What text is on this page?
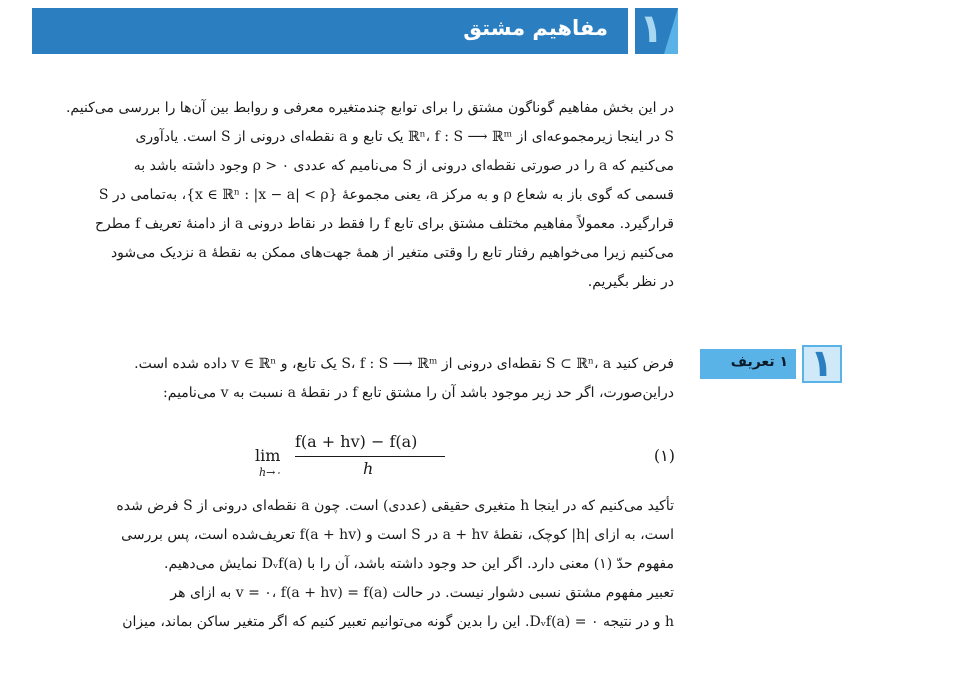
مفاهیم مشتق ۱
در این بخش مفاهیم گوناگون مشتق را برای توابع چندمتغیره معرفی و روابط بین آن‌ها را بررسی می‌کنیم.
S در اینجا زیرمجموعه‌ای از ℝⁿ، f : S ⟶ ℝᵐ یک تابع و a نقطه‌ای درونی از S است. یادآوری
می‌کنیم که a را در صورتی نقطه‌ای درونی از S می‌نامیم که عددی ρ > ۰ وجود داشته باشد به
قسمی که گوی باز به شعاع ρ و به مرکز a، یعنی مجموعهٔ {x ∈ ℝⁿ : |x − a| < ρ}، به‌تمامی در S
قرارگیرد. معمولاً مفاهیم مختلف مشتق برای تابع f را فقط در نقاط درونی a از دامنهٔ تعریف f مطرح
می‌کنیم زیرا می‌خواهیم رفتار تابع را وقتی متغیر از همهٔ جهت‌های ممکن به نقطهٔ a نزدیک می‌شود
در نظر بگیریم.
۱ تعریف ۱
فرض کنید S ⊂ ℝⁿ، a نقطه‌ای درونی از S، f : S ⟶ ℝᵐ یک تابع، و v ∈ ℝⁿ داده شده است.
دراین‌صورت، اگر حد زیر موجود باشد آن را مشتق تابع f در نقطهٔ a نسبت به v می‌نامیم:
lim
h→۰
f(a + hv) − f(a)
h
(۱)
تأکید می‌کنیم که در اینجا h متغیری حقیقی (عددی) است. چون a نقطه‌ای درونی از S فرض شده
است، به ازای |h| کوچک، نقطهٔ a + hv در S است و f(a + hv) تعریف‌شده است، پس بررسی
مفهوم حدّ (۱) معنی دارد. اگر این حد وجود داشته باشد، آن را با Dᵥf(a) نمایش می‌دهیم.
تعبیر مفهوم مشتق نسبی دشوار نیست. در حالت v = ۰، f(a + hv) = f(a) به ازای هر
h و در نتیجه Dᵥf(a) = ۰. این را بدین گونه می‌توانیم تعبیر کنیم که اگر متغیر ساکن بماند، میزان
